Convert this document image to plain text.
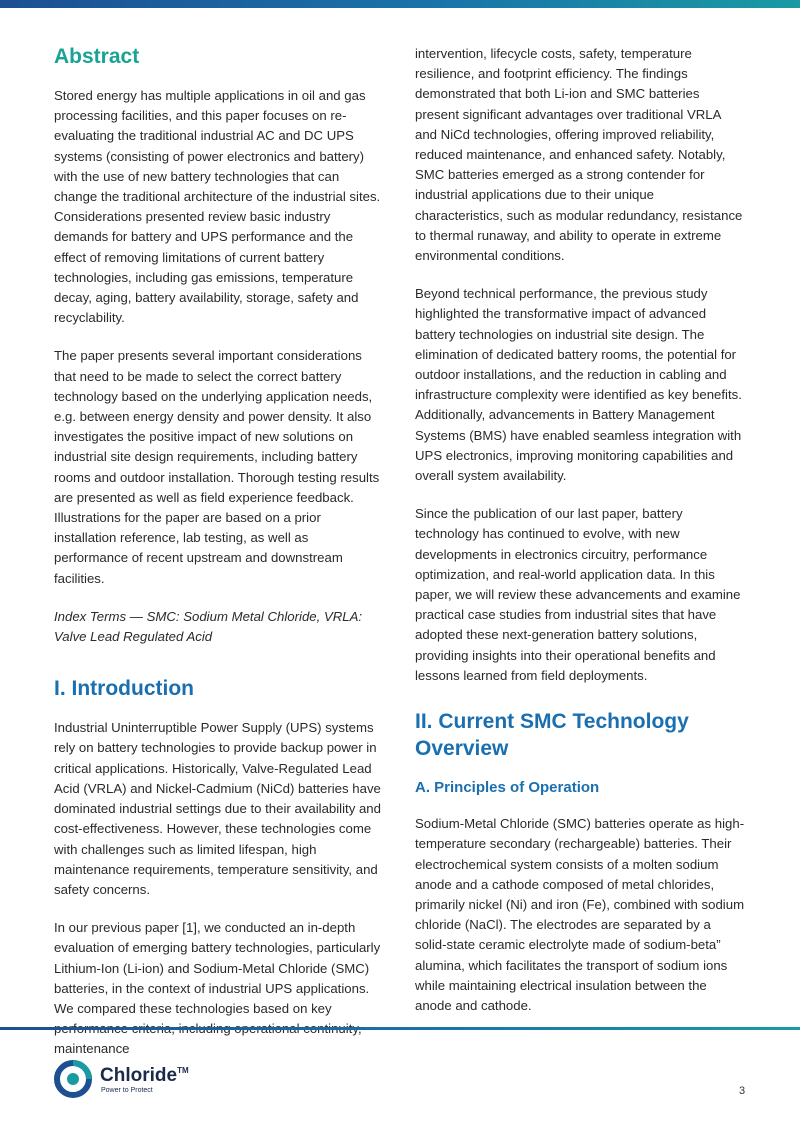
Abstract

Stored energy has multiple applications in oil and gas processing facilities, and this paper focuses on re-evaluating the traditional industrial AC and DC UPS systems (consisting of power electronics and battery) with the use of new battery technologies that can change the traditional architecture of the industrial sites. Considerations presented review basic industry demands for battery and UPS performance and the effect of removing limitations of current battery technologies, including gas emissions, temperature decay, aging, battery availability, storage, safety and recyclability.

The paper presents several important considerations that need to be made to select the correct battery technology based on the underlying application needs, e.g. between energy density and power density. It also investigates the positive impact of new solutions on industrial site design requirements, including battery rooms and outdoor installation. Thorough testing results are presented as well as field experience feedback. Illustrations for the paper are based on a prior installation reference, lab testing, as well as performance of recent upstream and downstream facilities.

Index Terms — SMC: Sodium Metal Chloride, VRLA: Valve Lead Regulated Acid

I. Introduction

Industrial Uninterruptible Power Supply (UPS) systems rely on battery technologies to provide backup power in critical applications. Historically, Valve-Regulated Lead Acid (VRLA) and Nickel-Cadmium (NiCd) batteries have dominated industrial settings due to their availability and cost-effectiveness. However, these technologies come with challenges such as limited lifespan, high maintenance requirements, temperature sensitivity, and safety concerns.

In our previous paper [1], we conducted an in-depth evaluation of emerging battery technologies, particularly Lithium-Ion (Li-ion) and Sodium-Metal Chloride (SMC) batteries, in the context of industrial UPS applications. We compared these technologies based on key maintenance

intervention, lifecycle costs, safety, temperature resilience, and footprint efficiency. The findings demonstrated that both Li-ion and SMC batteries present significant advantages over traditional VRLA and NiCd technologies, offering improved reliability, reduced maintenance, and enhanced safety. Notably, SMC batteries emerged as a strong contender for industrial applications due to their unique characteristics, such as modular redundancy, resistance to thermal runaway, and ability to operate in extreme environmental conditions.

Beyond technical performance, the previous study highlighted the transformative impact of advanced battery technologies on industrial site design. The elimination of dedicated battery rooms, the potential for outdoor installations, and the reduction in cabling and infrastructure complexity were identified as key benefits. Additionally, advancements in Battery Management Systems (BMS) have enabled seamless integration with UPS electronics, improving monitoring capabilities and overall system availability.

Since the publication of our last paper, battery technology has continued to evolve, with new developments in electronics circuitry, performance optimization, and real-world application data. In this paper, we will review these advancements and examine practical case studies from industrial sites that have adopted these next-generation battery solutions, providing insights into their operational benefits and lessons learned from field deployments.

II. Current SMC Technology Overview
A. Principles of Operation

Sodium-Metal Chloride (SMC) batteries operate as high-temperature secondary (rechargeable) batteries. Their electrochemical system consists of a molten sodium anode and a cathode composed of metal chlorides, primarily nickel (Ni) and iron (Fe), combined with sodium chloride (NaCl). The electrodes are separated by a solid-state ceramic electrolyte made of sodium-beta” alumina, which facilitates the transport of sodium ions while maintaining electrical insulation between the anode and cathode.

Chloride™
Power to Protect	3
